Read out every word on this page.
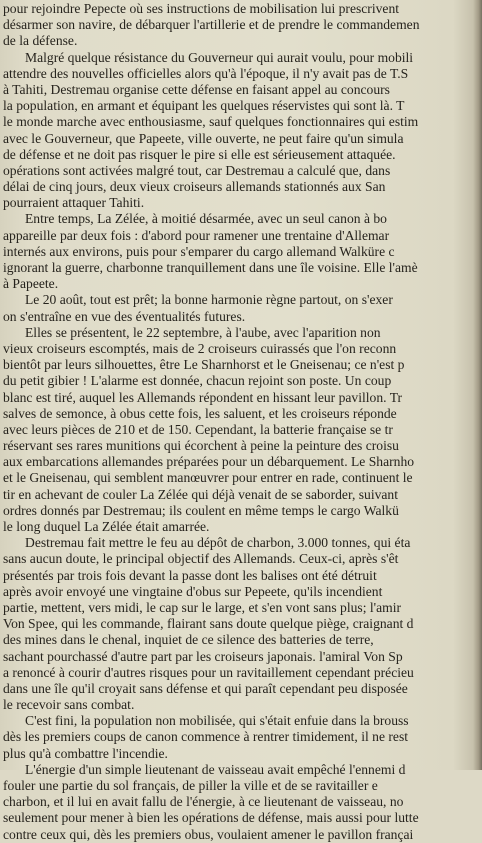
pour rejoindre Pepecte où ses instructions de mobilisation lui prescrivent
désarmer son navire, de débarquer l'artillerie et de prendre le commandemen
de la défense.
Malgré quelque résistance du Gouverneur qui aurait voulu, pour mobili
attendre des nouvelles officielles alors qu'à l'époque, il n'y avait pas de T.S
à Tahiti, Destremau organise cette défense en faisant appel au concours
la population, en armant et équipant les quelques réservistes qui sont là. T
le monde marche avec enthousiasme, sauf quelques fonctionnaires qui estim
avec le Gouverneur, que Papeete, ville ouverte, ne peut faire qu'un simula
de défense et ne doit pas risquer le pire si elle est sérieusement attaquée.
opérations sont activées malgré tout, car Destremau a calculé que, dans
délai de cinq jours, deux vieux croiseurs allemands stationnés aux San
pourraient attaquer Tahiti.
Entre temps, La Zélée, à moitié désarmée, avec un seul canon à bo
appareille par deux fois : d'abord pour ramener une trentaine d'Allemar
internés aux environs, puis pour s'emparer du cargo allemand Walküre c
ignorant la guerre, charbonne tranquillement dans une île voisine. Elle l'amè
à Papeete.
Le 20 août, tout est prêt; la bonne harmonie règne partout, on s'exer
on s'entraîne en vue des éventualités futures.
Elles se présentent, le 22 septembre, à l'aube, avec l'aparition non
vieux croiseurs escomptés, mais de 2 croiseurs cuirassés que l'on reconn
bientôt par leurs silhouettes, être Le Sharnhorst et le Gneisenau; ce n'est p
du petit gibier ! L'alarme est donnée, chacun rejoint son poste. Un coup
blanc est tiré, auquel les Allemands répondent en hissant leur pavillon. Tr
salves de semonce, à obus cette fois, les saluent, et les croiseurs réponde
avec leurs pièces de 210 et de 150. Cependant, la batterie française se tr
réservant ses rares munitions qui écorchent à peine la peinture des croisu
aux embarcations allemandes préparées pour un débarquement. Le Sharnho
et le Gneisenau, qui semblent manœuvrer pour entrer en rade, continuent le
tir en achevant de couler La Zélée qui déjà venait de se saborder, suivant
ordres donnés par Destremau; ils coulent en même temps le cargo Walkü
le long duquel La Zélée était amarrée.
Destremau fait mettre le feu au dépôt de charbon, 3.000 tonnes, qui éta
sans aucun doute, le principal objectif des Allemands. Ceux-ci, après s'êt
présentés par trois fois devant la passe dont les balises ont été détruit
après avoir envoyé une vingtaine d'obus sur Pepeete, qu'ils incendient
partie, mettent, vers midi, le cap sur le large, et s'en vont sans plus; l'amir
Von Spee, qui les commande, flairant sans doute quelque piège, craignant d
des mines dans le chenal, inquiet de ce silence des batteries de terre,
sachant pourchassé d'autre part par les croiseurs japonais. l'amiral Von Sp
a renoncé à courir d'autres risques pour un ravitaillement cependant précieu
dans une île qu'il croyait sans défense et qui paraît cependant peu disposée
le recevoir sans combat.
C'est fini, la population non mobilisée, qui s'était enfuie dans la brouss
dès les premiers coups de canon commence à rentrer timidement, il ne rest
plus qu'à combattre l'incendie.
L'énergie d'un simple lieutenant de vaisseau avait empêché l'ennemi d
fouler une partie du sol français, de piller la ville et de se ravitailler e
charbon, et il lui en avait fallu de l'énergie, à ce lieutenant de vaisseau, no
seulement pour mener à bien les opérations de défense, mais aussi pour lutte
contre ceux qui, dès les premiers obus, voulaient amener le pavillon françai
